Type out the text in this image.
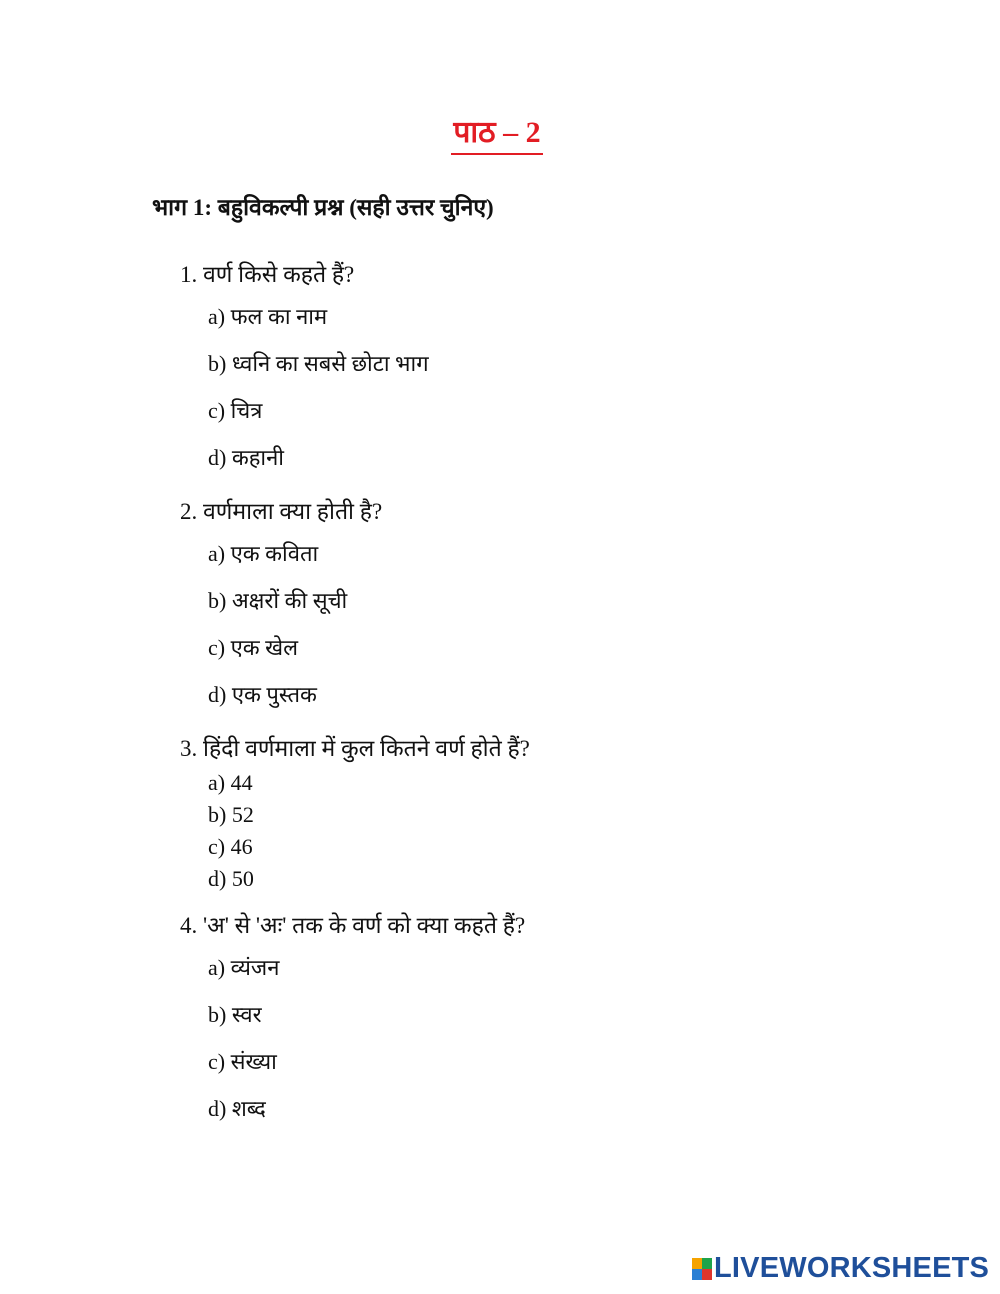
पाठ – 2
भाग 1: बहुविकल्पी प्रश्न (सही उत्तर चुनिए)
1. वर्ण किसे कहते हैं?
a) फल का नाम
b) ध्वनि का सबसे छोटा भाग
c) चित्र
d) कहानी
2. वर्णमाला क्या होती है?
a) एक कविता
b) अक्षरों की सूची
c) एक खेल
d) एक पुस्तक
3. हिंदी वर्णमाला में कुल कितने वर्ण होते हैं?
a) 44
b) 52
c) 46
d) 50
4. 'अ' से 'अः' तक के वर्ण को क्या कहते हैं?
a) व्यंजन
b) स्वर
c) संख्या
d) शब्द
LIVEWORKSHEETS
